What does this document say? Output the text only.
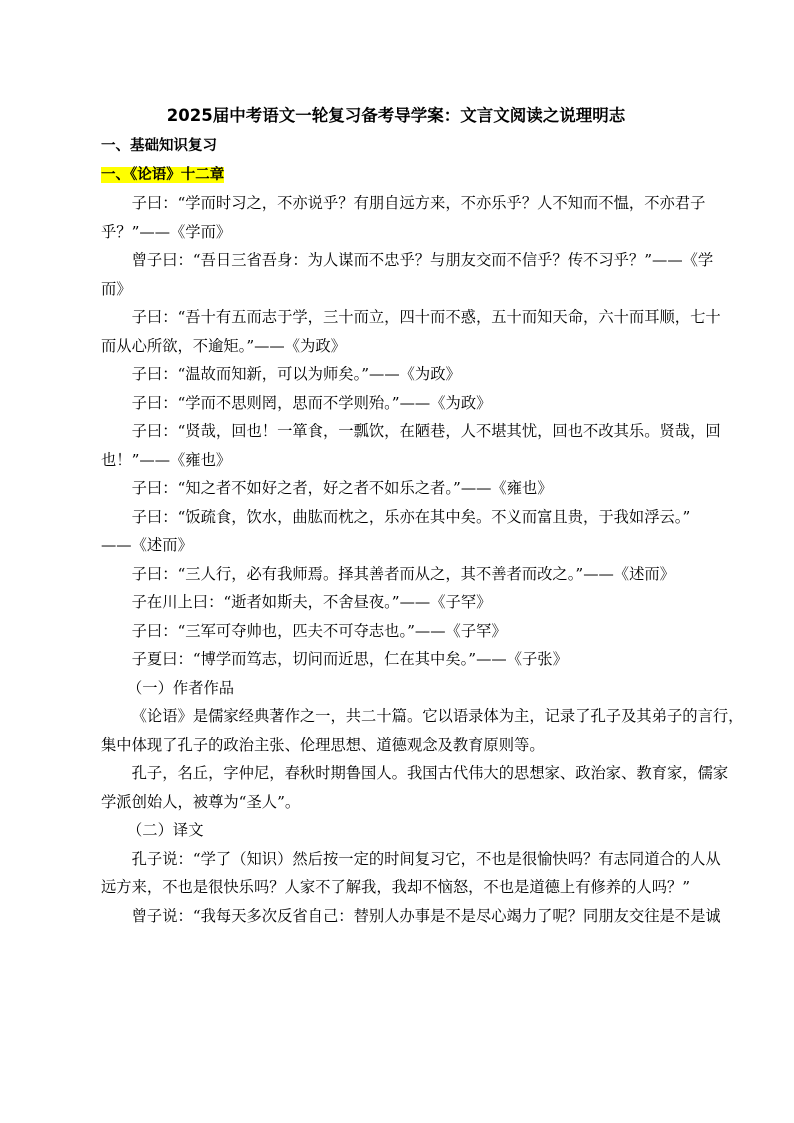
2025届中考语文一轮复习备考导学案：文言文阅读之说理明志

一、基础知识复习

一、《论语》十二章

子曰：“学而时习之，不亦说乎？有朋自远方来，不亦乐乎？人不知而不愠，不亦君子

乎？”——《学而》

曾子曰：“吾日三省吾身：为人谋而不忠乎？与朋友交而不信乎？传不习乎？”——《学

而》

子曰：“吾十有五而志于学，三十而立，四十而不惑，五十而知天命，六十而耳顺，七十

而从心所欲，不逾矩。”——《为政》

子曰：“温故而知新，可以为师矣。”——《为政》

子曰：“学而不思则罔，思而不学则殆。”——《为政》

子曰：“贤哉，回也！一箪食，一瓢饮，在陋巷，人不堪其忧，回也不改其乐。贤哉，回

也！”——《雍也》

子曰：“知之者不如好之者，好之者不如乐之者。”——《雍也》

子曰：“饭疏食，饮水，曲肱而枕之，乐亦在其中矣。不义而富且贵，于我如浮云。”

——《述而》

子曰：“三人行，必有我师焉。择其善者而从之，其不善者而改之。”——《述而》

子在川上曰：“逝者如斯夫，不舍昼夜。”——《子罕》

子曰：“三军可夺帅也，匹夫不可夺志也。”——《子罕》

子夏曰：“博学而笃志，切问而近思，仁在其中矣。”——《子张》

（一）作者作品

《论语》是儒家经典著作之一，共二十篇。它以语录体为主，记录了孔子及其弟子的言行，

集中体现了孔子的政治主张、伦理思想、道德观念及教育原则等。

孔子，名丘，字仲尼，春秋时期鲁国人。我国古代伟大的思想家、政治家、教育家，儒家

学派创始人，被尊为“圣人”。

（二）译文

孔子说：“学了（知识）然后按一定的时间复习它，不也是很愉快吗？有志同道合的人从

远方来，不也是很快乐吗？人家不了解我，我却不恼怒，不也是道德上有修养的人吗？”

曾子说：“我每天多次反省自己：替别人办事是不是尽心竭力了呢？同朋友交往是不是诚
